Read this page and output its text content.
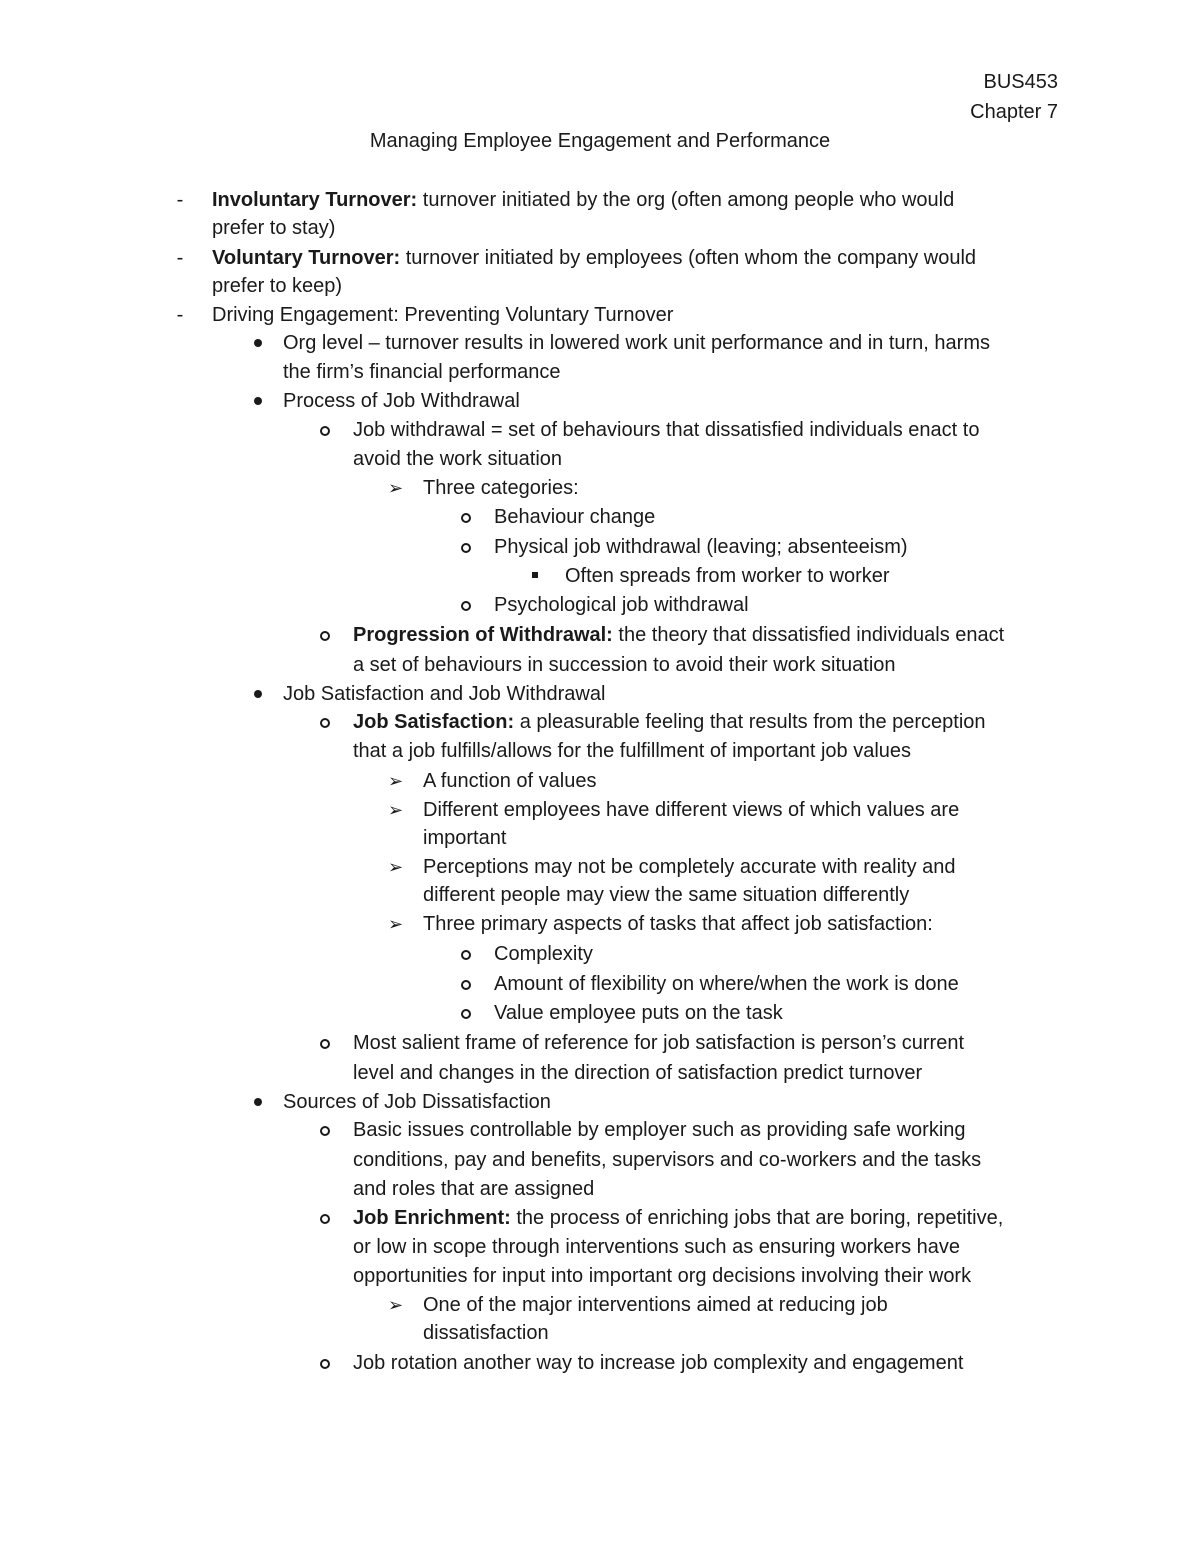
BUS453
Chapter 7
Managing Employee Engagement and Performance
-	Involuntary Turnover: turnover initiated by the org (often among people who would
prefer to stay)
-	Voluntary Turnover: turnover initiated by employees (often whom the company would
prefer to keep)
-	Driving Engagement: Preventing Voluntary Turnover
Org level – turnover results in lowered work unit performance and in turn, harms
the firm’s financial performance
Process of Job Withdrawal
Job withdrawal = set of behaviours that dissatisfied individuals enact to
avoid the work situation
➢ Three categories:
Behaviour change
Physical job withdrawal (leaving; absenteeism)
Often spreads from worker to worker
Psychological job withdrawal
Progression of Withdrawal: the theory that dissatisfied individuals enact
a set of behaviours in succession to avoid their work situation
Job Satisfaction and Job Withdrawal
Job Satisfaction: a pleasurable feeling that results from the perception
that a job fulfills/allows for the fulfillment of important job values
➢ A function of values
➢ Different employees have different views of which values are
important
➢ Perceptions may not be completely accurate with reality and
different people may view the same situation differently
➢ Three primary aspects of tasks that affect job satisfaction:
Complexity
Amount of flexibility on where/when the work is done
Value employee puts on the task
Most salient frame of reference for job satisfaction is person’s current
level and changes in the direction of satisfaction predict turnover
Sources of Job Dissatisfaction
Basic issues controllable by employer such as providing safe working
conditions, pay and benefits, supervisors and co-workers and the tasks
and roles that are assigned
Job Enrichment: the process of enriching jobs that are boring, repetitive,
or low in scope through interventions such as ensuring workers have
opportunities for input into important org decisions involving their work
➢ One of the major interventions aimed at reducing job
dissatisfaction
Job rotation another way to increase job complexity and engagement
